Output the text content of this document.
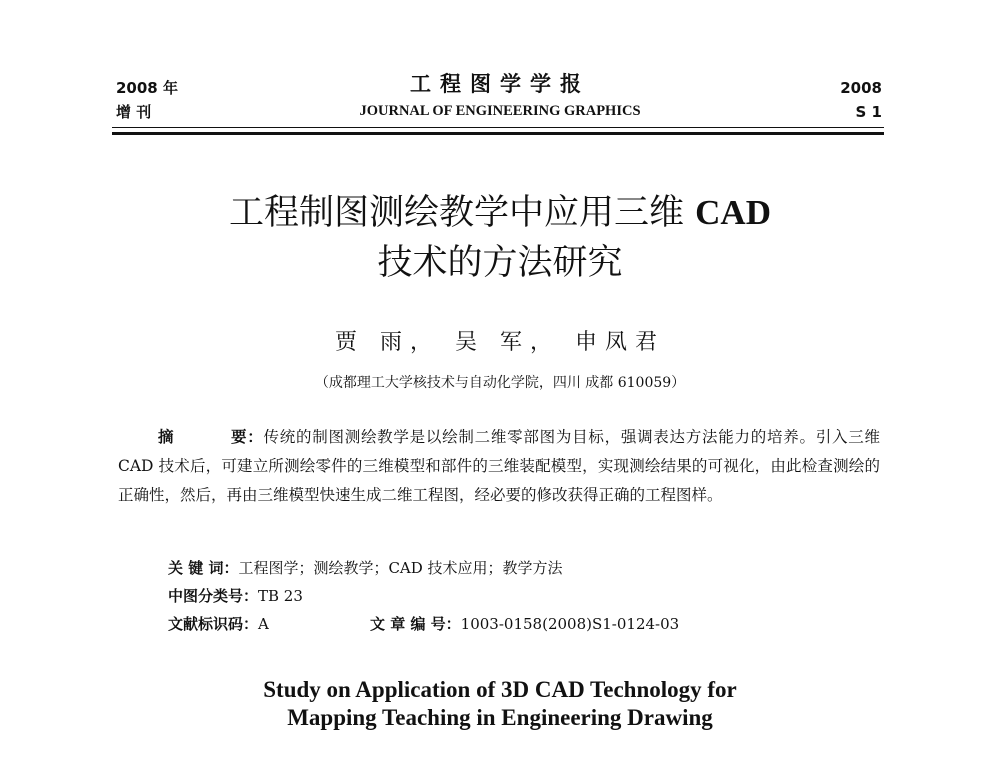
2008 年
增 刊
工程图学学报
JOURNAL OF ENGINEERING GRAPHICS
2008
S 1
工程制图测绘教学中应用三维 CAD
技术的方法研究
贾 雨， 吴 军， 申凤君
（成都理工大学核技术与自动化学院，四川 成都 610059）
摘	要：传统的制图测绘教学是以绘制二维零部图为目标，强调表达方法能力的培养。引入三维 CAD 技术后，可建立所测绘零件的三维模型和部件的三维装配模型，实现测绘结果的可视化，由此检查测绘的正确性，然后，再由三维模型快速生成二维工程图，经必要的修改获得正确的工程图样。
关 键 词：工程图学；测绘教学；CAD 技术应用；教学方法
中图分类号：TB 23
文献标识码：A	文 章 编 号：1003-0158(2008)S1-0124-03
Study on Application of 3D CAD Technology for
Mapping Teaching in Engineering Drawing
